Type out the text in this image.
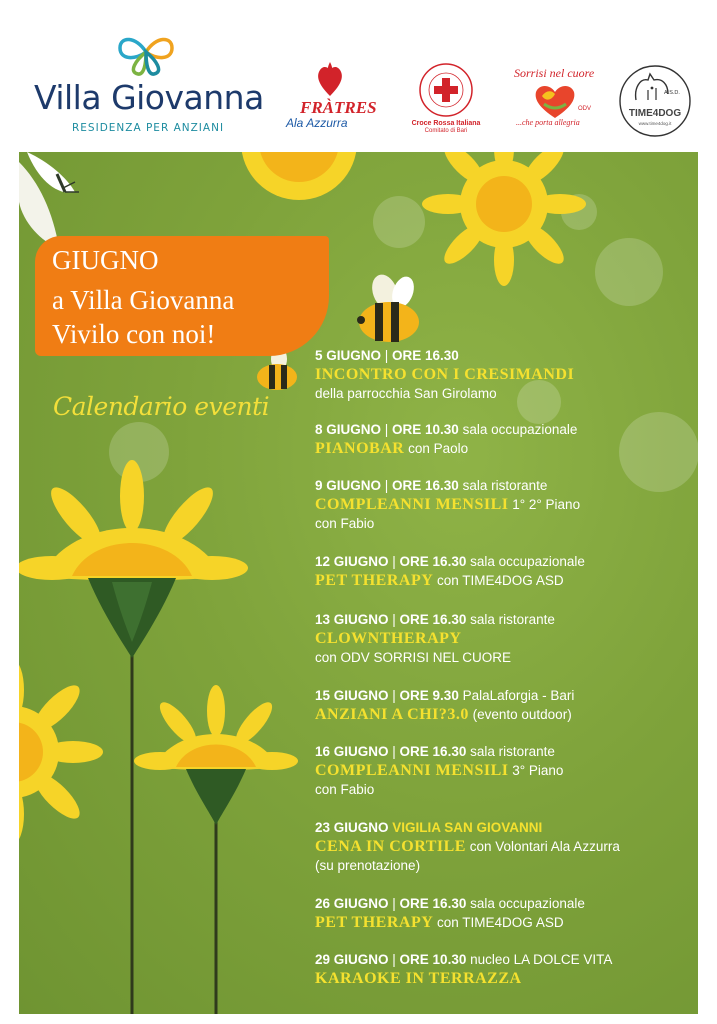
Villa Giovanna
RESIDENZA PER ANZIANI
FRÀTRES
Ala Azzurra	Croce Rossa Italiana
Comitato di Bari
Sorrisi nel cuore
ODV
...che porta allegria
A.S.D.
TIME4DOG
www.time4dog.it
GIUGNO
a Villa Giovanna
Vivilo con noi!
Calendario eventi
5 GIUGNO | ORE 16.30
INCONTRO CON I CRESIMANDI
della parrocchia San Girolamo
8 GIUGNO | ORE 10.30 sala occupazionale
PIANOBAR con Paolo
9 GIUGNO | ORE 16.30 sala ristorante
COMPLEANNI MENSILI 1° 2° Piano
con Fabio
12 GIUGNO | ORE 16.30 sala occupazionale
PET THERAPY con TIME4DOG ASD
13 GIUGNO | ORE 16.30 sala ristorante
CLOWNTHERAPY
con ODV SORRISI NEL CUORE
15 GIUGNO | ORE 9.30 PalaLaforgia - Bari
ANZIANI A CHI?3.0 (evento outdoor)
16 GIUGNO | ORE 16.30 sala ristorante
COMPLEANNI MENSILI 3° Piano
con Fabio
23 GIUGNO VIGILIA SAN GIOVANNI
CENA IN CORTILE con Volontari Ala Azzurra
(su prenotazione)
26 GIUGNO | ORE 16.30 sala occupazionale
PET THERAPY con TIME4DOG ASD
29 GIUGNO | ORE 10.30 nucleo LA DOLCE VITA
KARAOKE IN TERRAZZA
